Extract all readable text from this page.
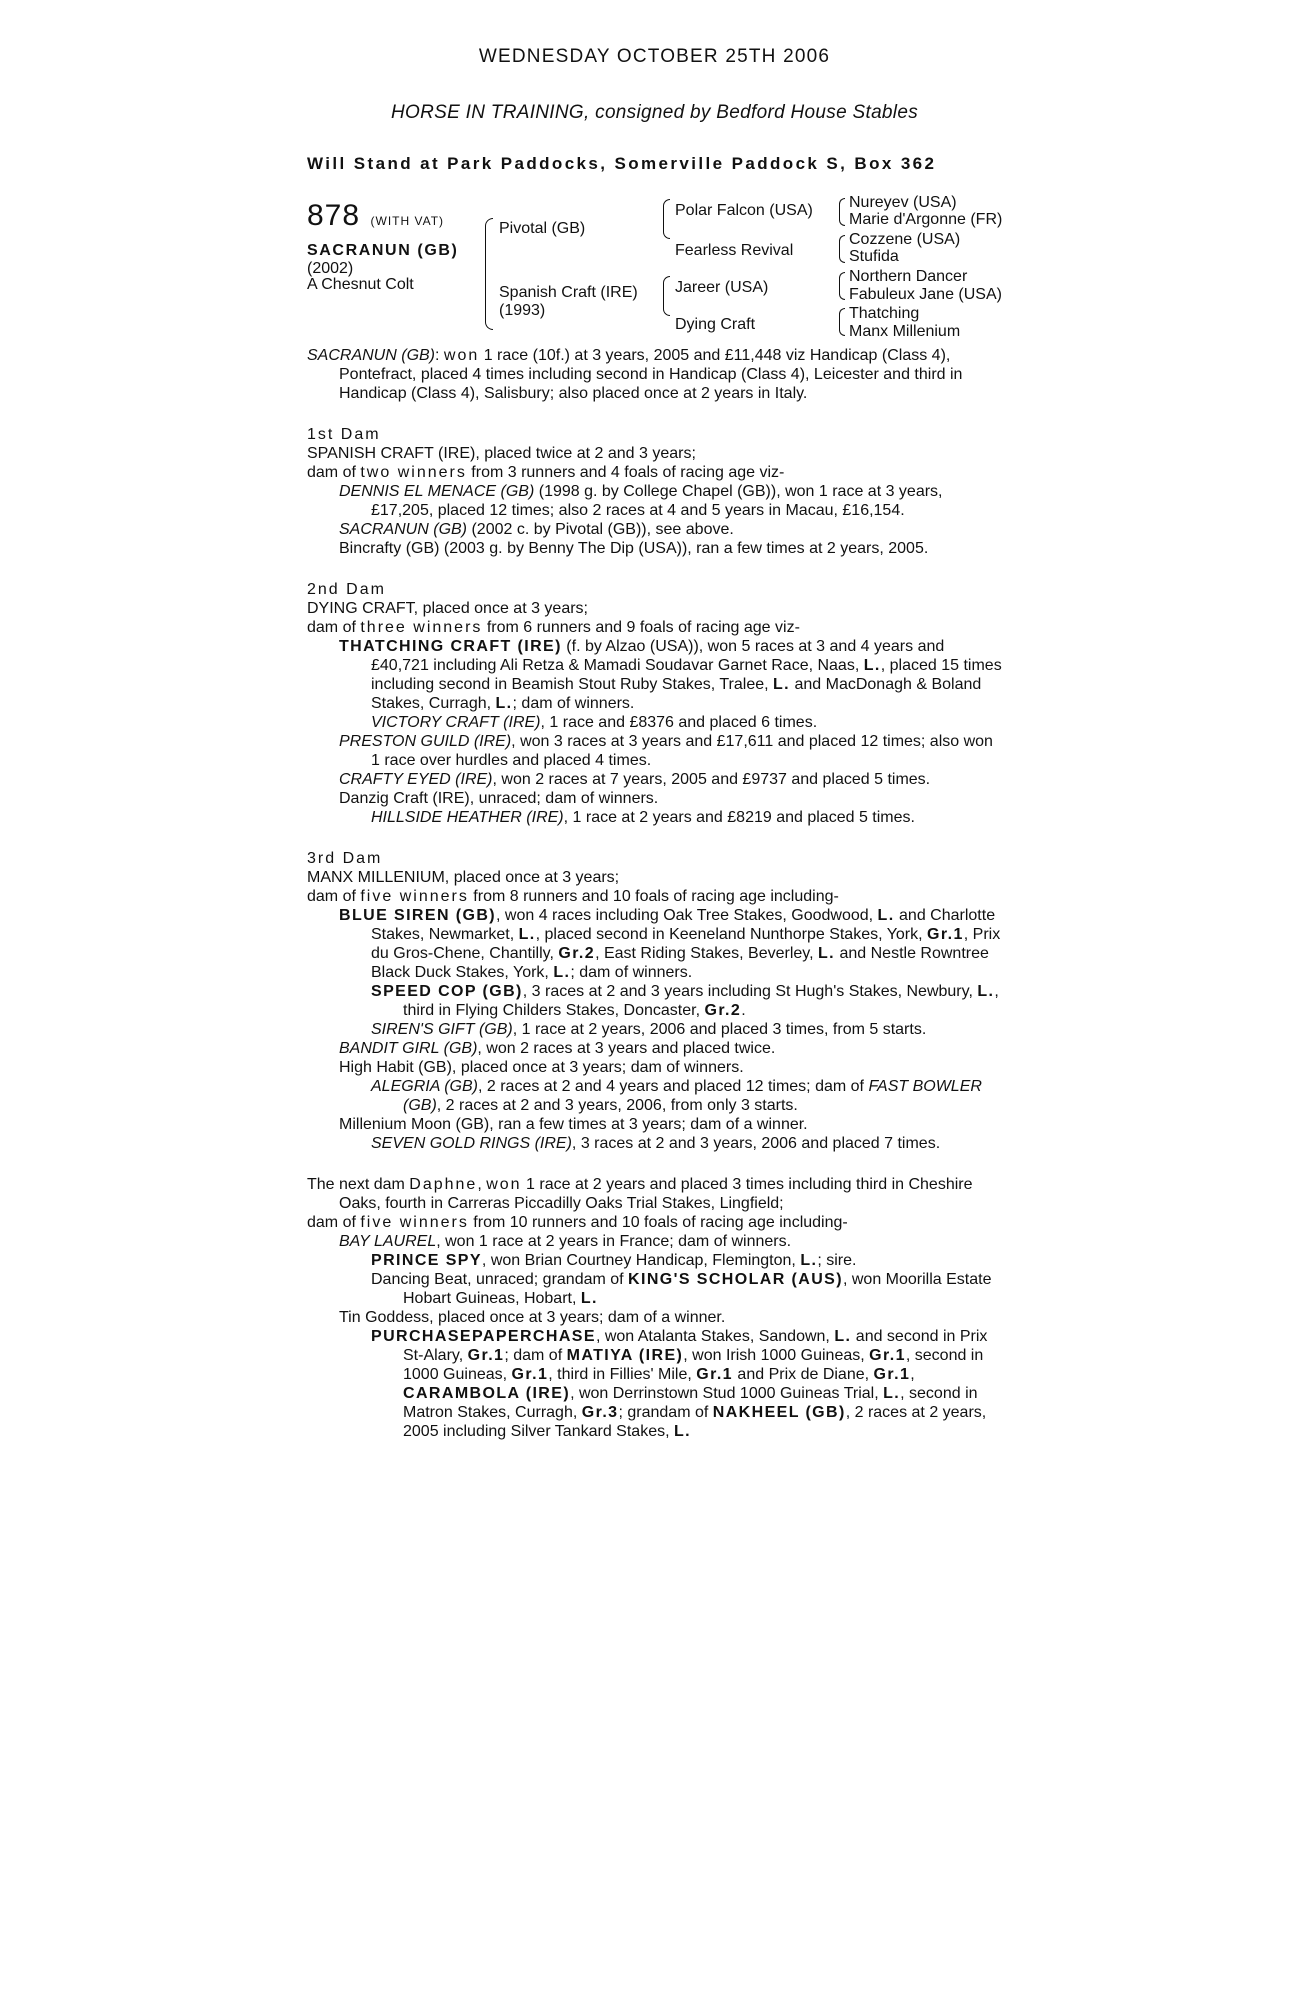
WEDNESDAY OCTOBER 25TH 2006
HORSE IN TRAINING, consigned by Bedford House Stables
Will Stand at Park Paddocks, Somerville Paddock S, Box 362
878 (WITH VAT)
SACRANUN (GB)
(2002)
A Chesnut Colt
Pivotal (GB)
Spanish Craft (IRE)
(1993)
Polar Falcon (USA)
Fearless Revival
Jareer (USA)
Dying Craft
Nureyev (USA)
Marie d'Argonne (FR)
Cozzene (USA)
Stufida
Northern Dancer
Fabuleux Jane (USA)
Thatching
Manx Millenium
SACRANUN (GB): won 1 race (10f.) at 3 years, 2005 and £11,448 viz Handicap (Class 4), Pontefract, placed 4 times including second in Handicap (Class 4), Leicester and third in Handicap (Class 4), Salisbury; also placed once at 2 years in Italy.
1st Dam
SPANISH CRAFT (IRE), placed twice at 2 and 3 years;
dam of two winners from 3 runners and 4 foals of racing age viz-
DENNIS EL MENACE (GB) (1998 g. by College Chapel (GB)), won 1 race at 3 years, £17,205, placed 12 times; also 2 races at 4 and 5 years in Macau, £16,154.
SACRANUN (GB) (2002 c. by Pivotal (GB)), see above.
Bincrafty (GB) (2003 g. by Benny The Dip (USA)), ran a few times at 2 years, 2005.
2nd Dam
DYING CRAFT, placed once at 3 years;
dam of three winners from 6 runners and 9 foals of racing age viz-
THATCHING CRAFT (IRE) (f. by Alzao (USA)), won 5 races at 3 and 4 years and £40,721 including Ali Retza & Mamadi Soudavar Garnet Race, Naas, L., placed 15 times including second in Beamish Stout Ruby Stakes, Tralee, L. and MacDonagh & Boland Stakes, Curragh, L.; dam of winners.
VICTORY CRAFT (IRE), 1 race and £8376 and placed 6 times.
PRESTON GUILD (IRE), won 3 races at 3 years and £17,611 and placed 12 times; also won 1 race over hurdles and placed 4 times.
CRAFTY EYED (IRE), won 2 races at 7 years, 2005 and £9737 and placed 5 times.
Danzig Craft (IRE), unraced; dam of winners.
HILLSIDE HEATHER (IRE), 1 race at 2 years and £8219 and placed 5 times.
3rd Dam
MANX MILLENIUM, placed once at 3 years;
dam of five winners from 8 runners and 10 foals of racing age including-
BLUE SIREN (GB), won 4 races including Oak Tree Stakes, Goodwood, L. and Charlotte Stakes, Newmarket, L., placed second in Keeneland Nunthorpe Stakes, York, Gr.1, Prix du Gros-Chene, Chantilly, Gr.2, East Riding Stakes, Beverley, L. and Nestle Rowntree Black Duck Stakes, York, L.; dam of winners.
SPEED COP (GB), 3 races at 2 and 3 years including St Hugh's Stakes, Newbury, L., third in Flying Childers Stakes, Doncaster, Gr.2.
SIREN'S GIFT (GB), 1 race at 2 years, 2006 and placed 3 times, from 5 starts.
BANDIT GIRL (GB), won 2 races at 3 years and placed twice.
High Habit (GB), placed once at 3 years; dam of winners.
ALEGRIA (GB), 2 races at 2 and 4 years and placed 12 times; dam of FAST BOWLER (GB), 2 races at 2 and 3 years, 2006, from only 3 starts.
Millenium Moon (GB), ran a few times at 3 years; dam of a winner.
SEVEN GOLD RINGS (IRE), 3 races at 2 and 3 years, 2006 and placed 7 times.
The next dam Daphne, won 1 race at 2 years and placed 3 times including third in Cheshire Oaks, fourth in Carreras Piccadilly Oaks Trial Stakes, Lingfield;
dam of five winners from 10 runners and 10 foals of racing age including-
BAY LAUREL, won 1 race at 2 years in France; dam of winners.
PRINCE SPY, won Brian Courtney Handicap, Flemington, L.; sire.
Dancing Beat, unraced; grandam of KING'S SCHOLAR (AUS), won Moorilla Estate Hobart Guineas, Hobart, L.
Tin Goddess, placed once at 3 years; dam of a winner.
PURCHASEPAPERCHASE, won Atalanta Stakes, Sandown, L. and second in Prix St-Alary, Gr.1; dam of MATIYA (IRE), won Irish 1000 Guineas, Gr.1, second in 1000 Guineas, Gr.1, third in Fillies' Mile, Gr.1 and Prix de Diane, Gr.1, CARAMBOLA (IRE), won Derrinstown Stud 1000 Guineas Trial, L., second in Matron Stakes, Curragh, Gr.3; grandam of NAKHEEL (GB), 2 races at 2 years, 2005 including Silver Tankard Stakes, L.
